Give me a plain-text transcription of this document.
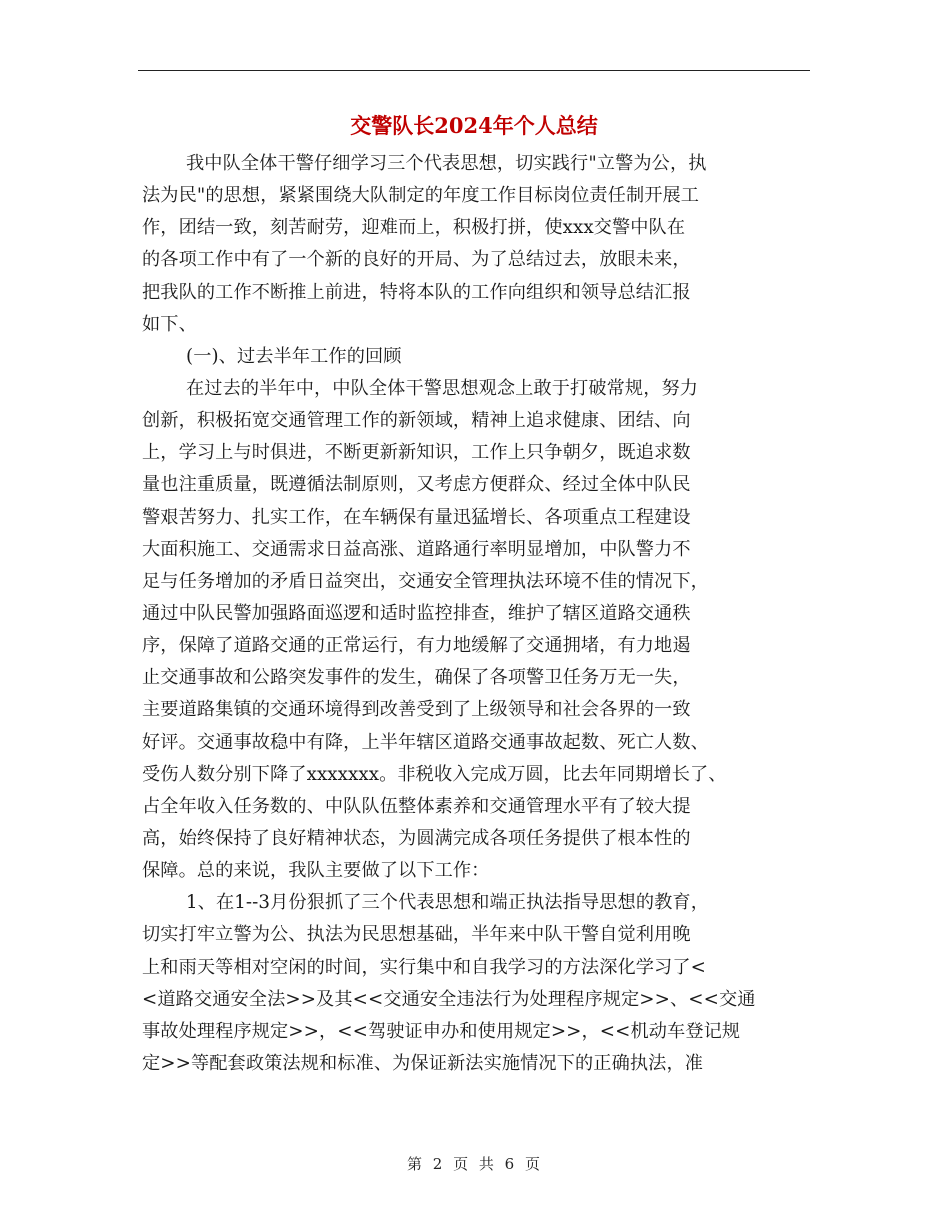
交警队长2024年个人总结
我中队全体干警仔细学习三个代表思想，切实践行"立警为公，执
法为民"的思想，紧紧围绕大队制定的年度工作目标岗位责任制开展工
作，团结一致，刻苦耐劳，迎难而上，积极打拼，使xxx交警中队在
的各项工作中有了一个新的良好的开局、为了总结过去，放眼未来，
把我队的工作不断推上前进，特将本队的工作向组织和领导总结汇报
如下、
(一)、过去半年工作的回顾
在过去的半年中，中队全体干警思想观念上敢于打破常规，努力
创新，积极拓宽交通管理工作的新领域，精神上追求健康、团结、向
上，学习上与时俱进，不断更新新知识，工作上只争朝夕，既追求数
量也注重质量，既遵循法制原则，又考虑方便群众、经过全体中队民
警艰苦努力、扎实工作，在车辆保有量迅猛增长、各项重点工程建设
大面积施工、交通需求日益高涨、道路通行率明显增加，中队警力不
足与任务增加的矛盾日益突出，交通安全管理执法环境不佳的情况下，
通过中队民警加强路面巡逻和适时监控排查，维护了辖区道路交通秩
序，保障了道路交通的正常运行，有力地缓解了交通拥堵，有力地遏
止交通事故和公路突发事件的发生，确保了各项警卫任务万无一失，
主要道路集镇的交通环境得到改善受到了上级领导和社会各界的一致
好评。交通事故稳中有降，上半年辖区道路交通事故起数、死亡人数、
受伤人数分别下降了xxxxxxx。非税收入完成万圆，比去年同期增长了、
占全年收入任务数的、中队队伍整体素养和交通管理水平有了较大提
高，始终保持了良好精神状态，为圆满完成各项任务提供了根本性的
保障。总的来说，我队主要做了以下工作：
1、在1--3月份狠抓了三个代表思想和端正执法指导思想的教育，
切实打牢立警为公、执法为民思想基础，半年来中队干警自觉利用晚
上和雨天等相对空闲的时间，实行集中和自我学习的方法深化学习了<
<道路交通安全法>>及其<<交通安全违法行为处理程序规定>>、<<交通
事故处理程序规定>>，<<驾驶证申办和使用规定>>，<<机动车登记规
定>>等配套政策法规和标准、为保证新法实施情况下的正确执法，准
第 2 页 共 6 页
